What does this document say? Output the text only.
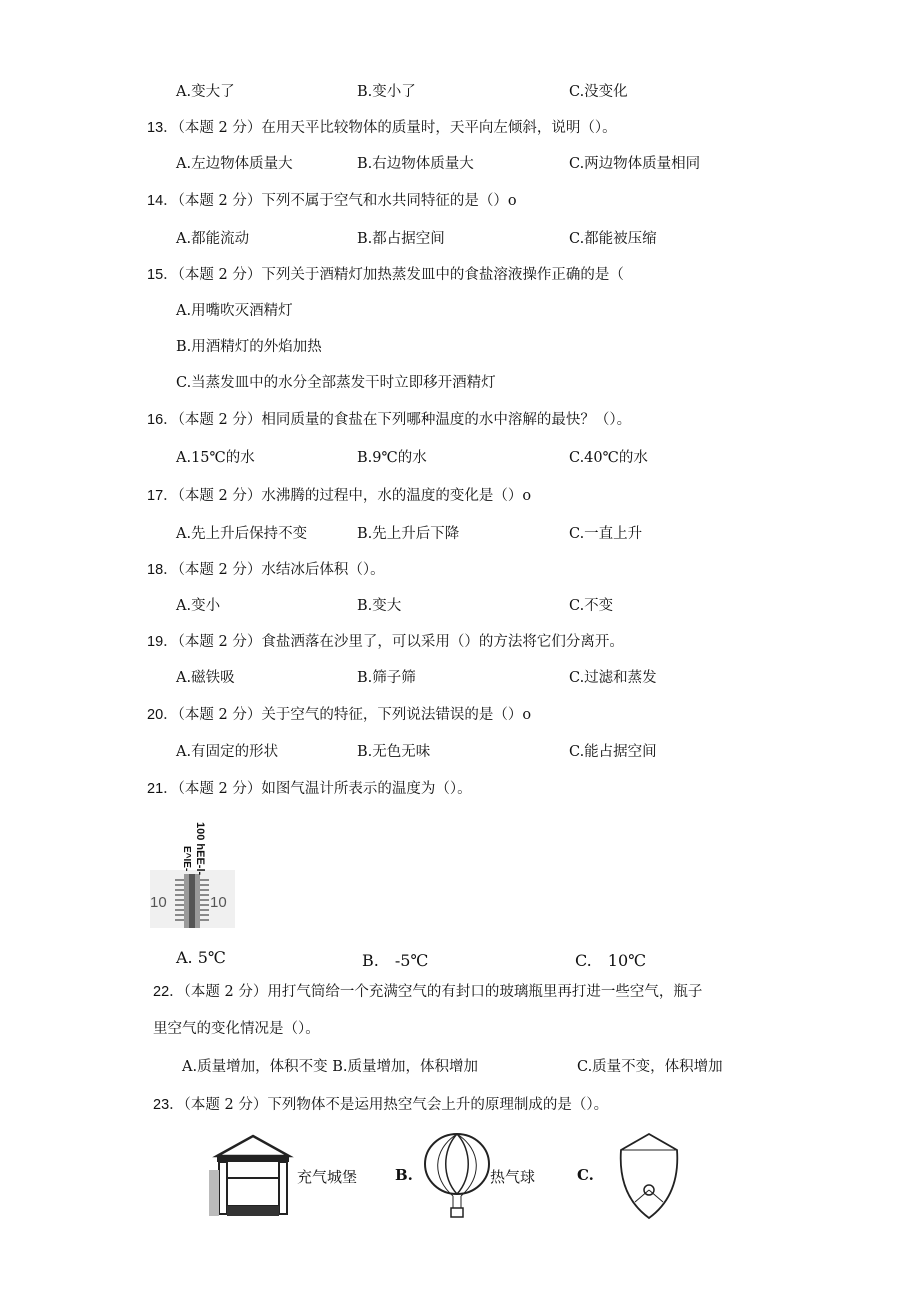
A.变大了	B.变小了	C.没变化
13．（本题 2 分）在用天平比较物体的质量时，天平向左倾斜，说明（）。
A.左边物体质量大	B.右边物体质量大	C.两边物体质量相同
14．（本题 2 分）下列不属于空气和水共同特征的是（）o
A.都能流动	B.都占据空间	C.都能被压缩
15．（本题 2 分）下列关于酒精灯加热蒸发皿中的食盐溶液操作正确的是（
A.用嘴吹灭酒精灯
B.用酒精灯的外焰加热
C.当蒸发皿中的水分全部蒸发干时立即移开酒精灯
16．（本题 2 分）相同质量的食盐在下列哪种温度的水中溶解的最快？（）。
A.15℃的水	B.9℃的水	C.40℃的水
17．（本题 2 分）水沸腾的过程中，水的温度的变化是（）o
A.先上升后保持不变	B.先上升后下降	C.一直上升
18．（本题 2 分）水结冰后体积（）。
A.变小	B.变大	C.不变
19．（本题 2 分）食盐洒落在沙里了，可以采用（）的方法将它们分离开。
A.磁铁吸	B.筛子筛	C.过滤和蒸发
20．（本题 2 分）关于空气的特征，下列说法错误的是（）o
A.有固定的形状	B.无色无味	C.能占据空间
21．（本题 2 分）如图气温计所表示的温度为（）。
100 hEE-l-
E^IE-
10	10
A. 5℃	B.　-5℃	C.　10℃
22．（本题 2 分）用打气筒给一个充满空气的有封口的玻璃瓶里再打进一些空气，瓶子
里空气的变化情况是（）。
A.质量增加，体积不变 B.质量增加，体积增加	C.质量不变，体积增加
23．（本题 2 分）下列物体不是运用热空气会上升的原理制成的是（）。
充气城堡	B.	热气球	C.
